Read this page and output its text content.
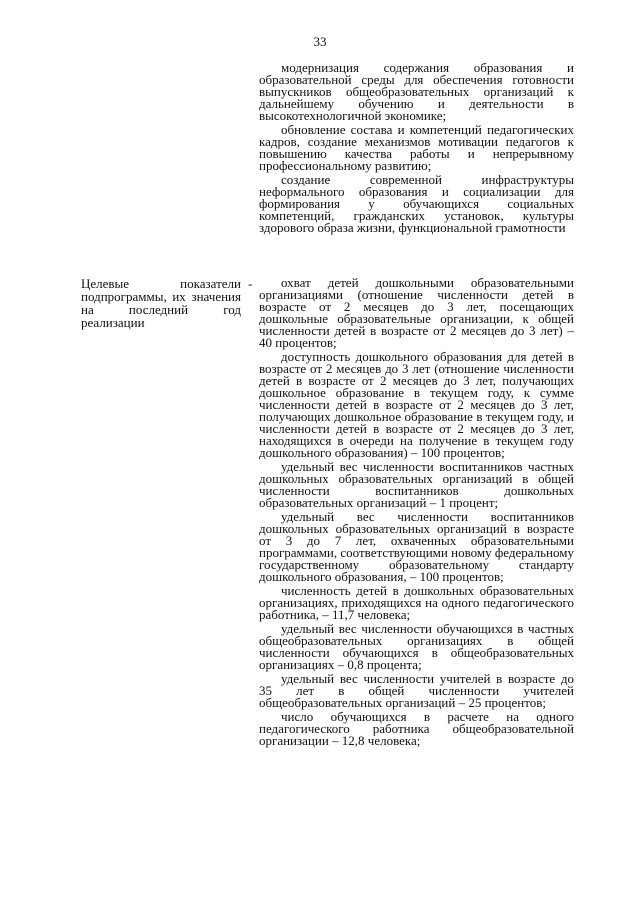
33

модернизация содержания образования и образовательной среды для обеспечения готовности выпускников общеобразовательных организаций к дальнейшему обучению и деятельности в высокотехнологичной экономике;

обновление состава и компетенций педагогических кадров, создание механизмов мотивации педагогов к повышению качества работы и непрерывному профессиональному развитию;

создание современной инфраструктуры неформального образования и социализации для формирования у обучающихся социальных компетенций, гражданских установок, культуры здорового образа жизни, функциональной грамотности

Целевые показатели подпрограммы, их значения на последний год реализации
-	охват детей дошкольными образовательными организациями (отношение численности детей в возрасте от 2 месяцев до 3 лет, посещающих дошкольные образовательные организации, к общей численности детей в возрасте от 2 месяцев до 3 лет) – 40 процентов;

доступность дошкольного образования для детей в возрасте от 2 месяцев до 3 лет (отношение численности детей в возрасте от 2 месяцев до 3 лет, получающих дошкольное образование в текущем году, к сумме численности детей в возрасте от 2 месяцев до 3 лет, получающих дошкольное образование в текущем году, и численности детей в возрасте от 2 месяцев до 3 лет, находящихся в очереди на получение в текущем году дошкольного образования) – 100 процентов;

удельный вес численности воспитанников частных дошкольных образовательных организаций в общей численности воспитанников дошкольных образовательных организаций – 1 процент;

удельный вес численности воспитанников дошкольных образовательных организаций в возрасте от 3 до 7 лет, охваченных образовательными программами, соответствующими новому федеральному государственному образовательному стандарту дошкольного образования, – 100 процентов;

численность детей в дошкольных образовательных организациях, приходящихся на одного педагогического работника, – 11,7 человека;

удельный вес численности обучающихся в частных общеобразовательных организациях в общей численности обучающихся в общеобразовательных организациях – 0,8 процента;

удельный вес численности учителей в возрасте до 35 лет в общей численности учителей общеобразовательных организаций – 25 процентов;

число обучающихся в расчете на одного педагогического работника общеобразовательной организации – 12,8 человека;
